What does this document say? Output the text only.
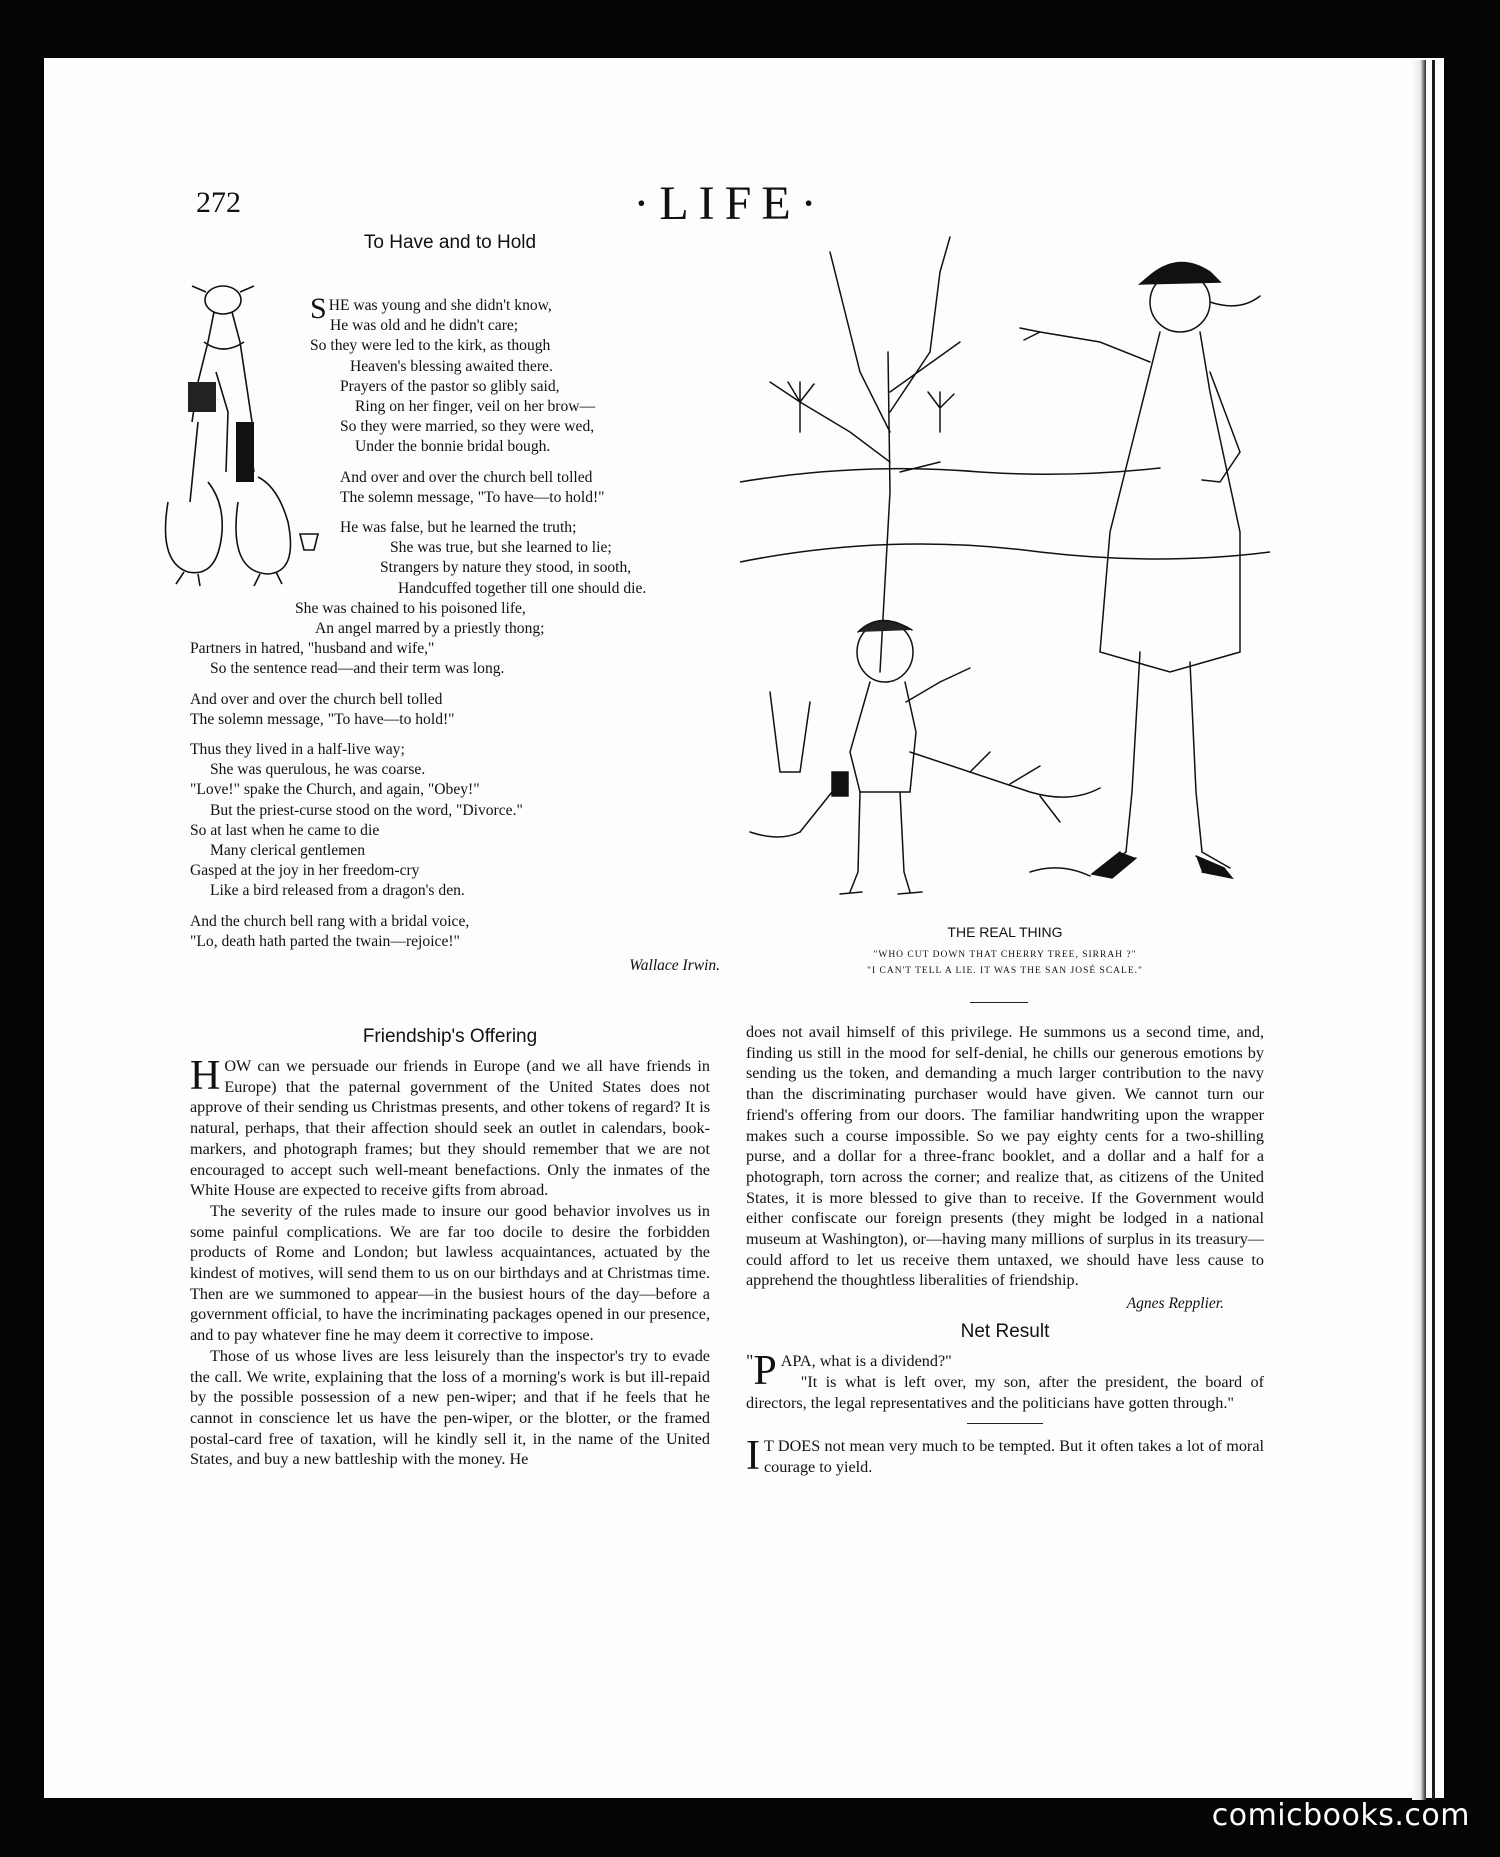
272	·LIFE·
To Have and to Hold
SHE was young and she didn't know,
He was old and he didn't care;
So they were led to the kirk, as though
Heaven's blessing awaited there.
Prayers of the pastor so glibly said,
Ring on her finger, veil on her brow—
So they were married, so they were wed,
Under the bonnie bridal bough.
And over and over the church bell tolled
The solemn message, "To have—to hold!"
He was false, but he learned the truth;
She was true, but she learned to lie;
Strangers by nature they stood, in sooth,
Handcuffed together till one should die.
She was chained to his poisoned life,
An angel marred by a priestly thong;
Partners in hatred, "husband and wife,"
So the sentence read—and their term was long.
And over and over the church bell tolled
The solemn message, "To have—to hold!"
Thus they lived in a half-live way;
She was querulous, he was coarse.
"Love!" spake the Church, and again, "Obey!"
But the priest-curse stood on the word, "Divorce."
So at last when he came to die
Many clerical gentlemen
Gasped at the joy in her freedom-cry
Like a bird released from a dragon's den.
And the church bell rang with a bridal voice,
"Lo, death hath parted the twain—rejoice!"
Wallace Irwin.
Friendship's Offering

HOW can we persuade our friends in Europe (and we all have friends in Europe) that the paternal government of the United States does not approve of their sending us Christmas presents, and other tokens of regard? It is natural, perhaps, that their affection should seek an outlet in calendars, book-markers, and photograph frames; but they should remember that we are not encouraged to accept such well-meant benefactions. Only the inmates of the White House are expected to receive gifts from abroad.

The severity of the rules made to insure our good behavior involves us in some painful complications. We are far too docile to desire the forbidden products of Rome and London; but lawless acquaintances, actuated by the kindest of motives, will send them to us on our birthdays and at Christmas time. Then are we summoned to appear—in the busiest hours of the day—before a government official, to have the incriminating packages opened in our presence, and to pay whatever fine he may deem it corrective to impose.

Those of us whose lives are less leisurely than the inspector's try to evade the call. We write, explaining that the loss of a morning's work is but ill-repaid by the possible possession of a new pen-wiper; and that if he feels that he cannot in conscience let us have the pen-wiper, or the blotter, or the framed postal-card free of taxation, will he kindly sell it, in the name of the United States, and buy a new battleship with the money. He

THE REAL THING
"WHO CUT DOWN THAT CHERRY TREE, SIRRAH ?"
"I CAN'T TELL A LIE. IT WAS THE SAN JOSÉ SCALE."

does not avail himself of this privilege. He summons us a second time, and, finding us still in the mood for self-denial, he chills our generous emotions by sending us the token, and demanding a much larger contribution to the navy than the discriminating purchaser would have given. We cannot turn our friend's offering from our doors. The familiar handwriting upon the wrapper makes such a course impossible. So we pay eighty cents for a two-shilling purse, and a dollar for a three-franc booklet, and a dollar and a half for a photograph, torn across the corner; and realize that, as citizens of the United States, it is more blessed to give than to receive. If the Government would either confiscate our foreign presents (they might be lodged in a national museum at Washington), or—having many millions of surplus in its treasury—could afford to let us receive them untaxed, we should have less cause to apprehend the thoughtless liberalities of friendship.

Agnes Repplier.
Net Result

" P APA, what is a dividend?"

"It is what is left over, my son, after the president, the board of directors, the legal representatives and the politicians have gotten through."

I T DOES not mean very much to be tempted. But it often takes a lot of moral courage to yield.

comicbooks.com
